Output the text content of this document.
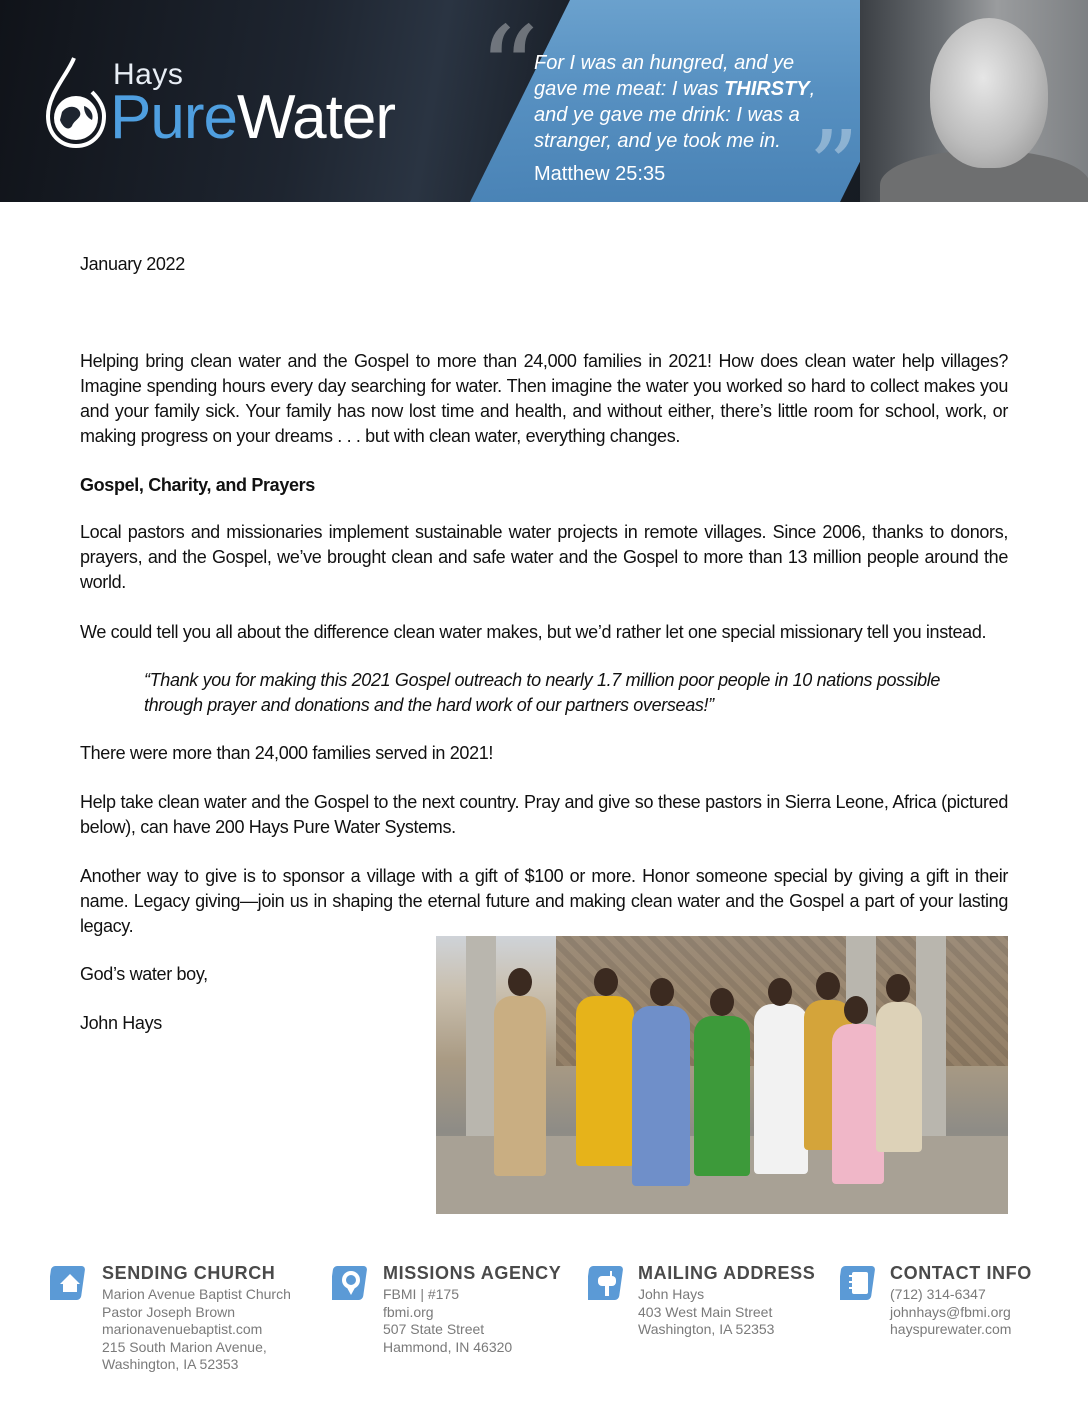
Hays
PureWater “
”
For I was an hungred, and ye
gave me meat: I was THIRSTY,
and ye gave me drink: I was a
stranger, and ye took me in.
Matthew 25:35
January 2022
Helping bring clean water and the Gospel to more than 24,000 families in 2021! How does clean water help villages? Imagine spending hours every day searching for water. Then imagine the water you worked so hard to collect makes you and your family sick. Your family has now lost time and health, and without either, there’s little room for school, work, or making progress on your dreams . . . but with clean water, everything changes.
Gospel, Charity, and Prayers
Local pastors and missionaries implement sustainable water projects in remote villages. Since 2006, thanks to donors, prayers, and the Gospel, we’ve brought clean and safe water and the Gospel to more than 13 million people around the world.
We could tell you all about the difference clean water makes, but we’d rather let one special missionary tell you instead.
“Thank you for making this 2021 Gospel outreach to nearly 1.7 million poor people in 10 nations possible through prayer and donations and the hard work of our partners overseas!”
There were more than 24,000 families served in 2021!
Help take clean water and the Gospel to the next country. Pray and give so these pastors in Sierra Leone, Africa (pictured below), can have 200 Hays Pure Water Systems.
Another way to give is to sponsor a village with a gift of $100 or more. Honor someone special by giving a gift in their name. Legacy giving—join us in shaping the eternal future and making clean water and the Gospel a part of your lasting legacy.
God’s water boy,
John Hays
SENDING CHURCH
Marion Avenue Baptist Church
Pastor Joseph Brown
marionavenuebaptist.com
215 South Marion Avenue,
Washington, IA 52353
MISSIONS AGENCY
FBMI | #175
fbmi.org
507 State Street
Hammond, IN 46320
MAILING ADDRESS
John Hays
403 West Main Street
Washington, IA 52353
CONTACT INFO
(712) 314-6347
johnhays@fbmi.org
hayspurewater.com
